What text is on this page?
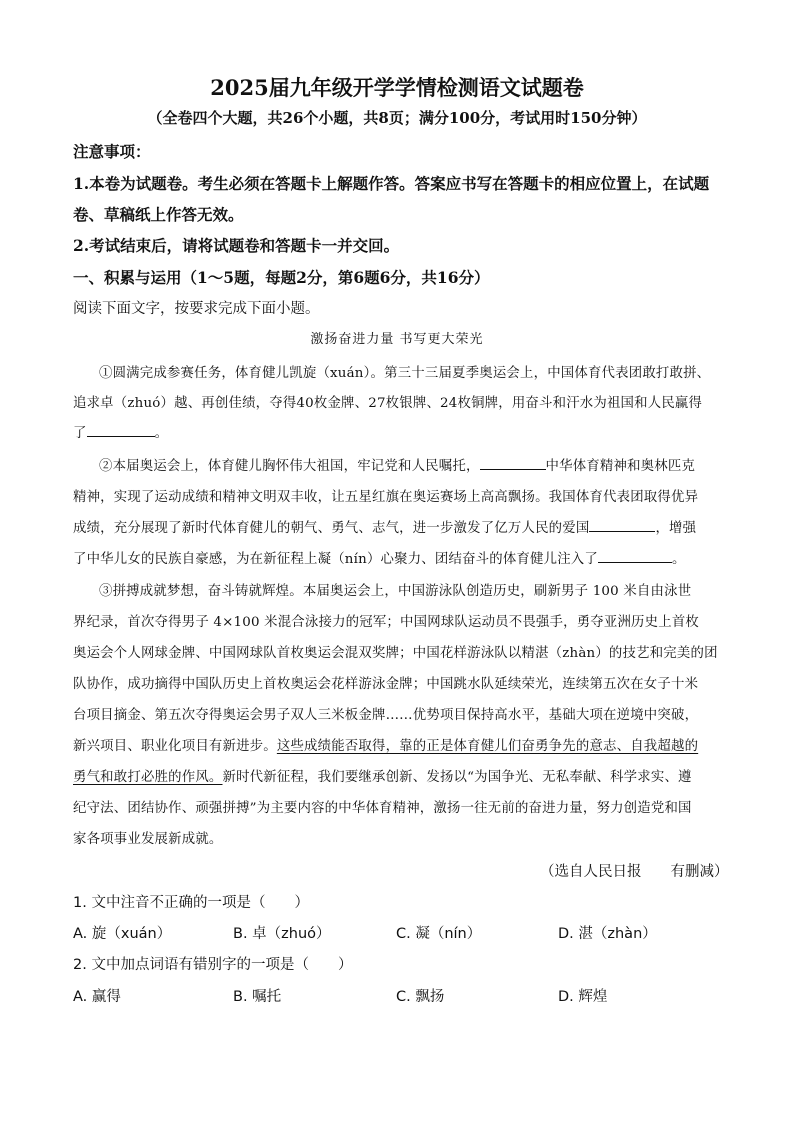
2025届九年级开学学情检测语文试题卷
（全卷四个大题，共26个小题，共8页；满分100分，考试用时150分钟）
注意事项：
1.本卷为试题卷。考生必须在答题卡上解题作答。答案应书写在答题卡的相应位置上，在试题
卷、草稿纸上作答无效。
2.考试结束后，请将试题卷和答题卡一并交回。
一、积累与运用（1～5题，每题2分，第6题6分，共16分）
阅读下面文字，按要求完成下面小题。
激扬奋进力量 书写更大荣光
①圆满完成参赛任务，体育健儿凯旋（xuán）。第三十三届夏季奥运会上，中国体育代表团敢打敢拼、
追求卓（zhuó）越、再创佳绩，夺得40枚金牌、27枚银牌、24枚铜牌，用奋斗和汗水为祖国和人民赢得
了	。
②本届奥运会上，体育健儿胸怀伟大祖国，牢记党和人民嘱托，	中华体育精神和奥林匹克
精神，实现了运动成绩和精神文明双丰收，让五星红旗在奥运赛场上高高飘扬。我国体育代表团取得优异
成绩，充分展现了新时代体育健儿的朝气、勇气、志气，进一步激发了亿万人民的爱国	，增强
了中华儿女的民族自豪感，为在新征程上凝（nín）心聚力、团结奋斗的体育健儿注入了	。
③拼搏成就梦想，奋斗铸就辉煌。本届奥运会上，中国游泳队创造历史，刷新男子 100 米自由泳世
界纪录，首次夺得男子 4×100 米混合泳接力的冠军；中国网球队运动员不畏强手，勇夺亚洲历史上首枚
奥运会个人网球金牌、中国网球队首枚奥运会混双奖牌；中国花样游泳队以精湛（zhàn）的技艺和完美的团
队协作，成功摘得中国队历史上首枚奥运会花样游泳金牌；中国跳水队延续荣光，连续第五次在女子十米
台项目摘金、第五次夺得奥运会男子双人三米板金牌……优势项目保持高水平，基础大项在逆境中突破，
新兴项目、职业化项目有新进步。这些成绩能否取得，靠的正是体育健儿们奋勇争先的意志、自我超越的
勇气和敢打必胜的作风。新时代新征程，我们要继承创新、发扬以“为国争光、无私奉献、科学求实、遵
纪守法、团结协作、顽强拼搏”为主要内容的中华体育精神，激扬一往无前的奋进力量，努力创造党和国
家各项事业发展新成就。
（选自人民日报　　有删减）
1. 文中注音不正确的一项是（　　）
A. 旋（xuán）	B. 卓（zhuó）	C. 凝（nín）	D. 湛（zhàn）
2. 文中加点词语有错别字的一项是（　　）
A. 赢得	B. 嘱托	C. 飘扬	D. 辉煌
